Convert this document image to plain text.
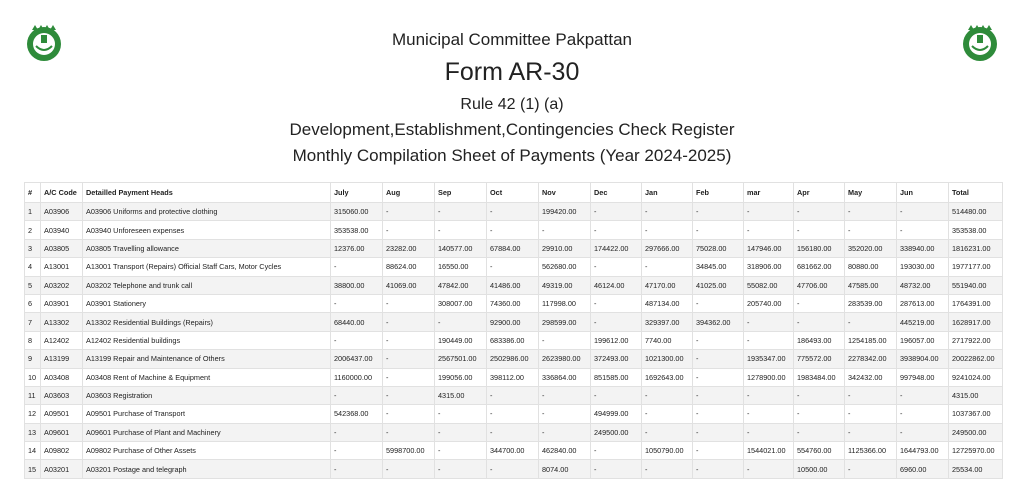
Municipal Committee Pakpattan
Form AR-30
Rule 42 (1) (a)
Development,Establishment,Contingencies Check Register
Monthly Compilation Sheet of Payments (Year 2024-2025)
#	A/C Code	Detailled Payment Heads	July	Aug	Sep	Oct	Nov	Dec	Jan	Feb	mar	Apr	May	Jun	Total
1	A03906	A03906 Uniforms and protective clothing	315060.00	-	-	-	199420.00	-	-	-	-	-	-	-	514480.00
2	A03940	A03940 Unforeseen expenses	353538.00	-	-	-	-	-	-	-	-	-	-	-	353538.00
3	A03805	A03805 Travelling allowance	12376.00	23282.00	140577.00	67884.00	29910.00	174422.00	297666.00	75028.00	147946.00	156180.00	352020.00	338940.00	1816231.00
4	A13001	A13001 Transport (Repairs) Official Staff Cars, Motor Cycles	-	88624.00	16550.00	-	562680.00	-	-	34845.00	318906.00	681662.00	80880.00	193030.00	1977177.00
5	A03202	A03202 Telephone and trunk call	38800.00	41069.00	47842.00	41486.00	49319.00	46124.00	47170.00	41025.00	55082.00	47706.00	47585.00	48732.00	551940.00
6	A03901	A03901 Stationery	-	-	308007.00	74360.00	117998.00	-	487134.00	-	205740.00	-	283539.00	287613.00	1764391.00
7	A13302	A13302 Residential Buildings (Repairs)	68440.00	-	-	92900.00	298599.00	-	329397.00	394362.00	-	-	-	445219.00	1628917.00
8	A12402	A12402 Residential buildings	-	-	190449.00	683386.00	-	199612.00	7740.00	-	-	186493.00	1254185.00	196057.00	2717922.00
9	A13199	A13199 Repair and Maintenance of Others	2006437.00	-	2567501.00	2502986.00	2623980.00	372493.00	1021300.00	-	1935347.00	775572.00	2278342.00	3938904.00	20022862.00
10	A03408	A03408 Rent of Machine & Equipment	1160000.00	-	199056.00	398112.00	336864.00	851585.00	1692643.00	-	1278900.00	1983484.00	342432.00	997948.00	9241024.00
11	A03603	A03603 Registration	-	-	4315.00	-	-	-	-	-	-	-	-	-	4315.00
12	A09501	A09501 Purchase of Transport	542368.00	-	-	-	-	494999.00	-	-	-	-	-	-	1037367.00
13	A09601	A09601 Purchase of Plant and Machinery	-	-	-	-	-	249500.00	-	-	-	-	-	-	249500.00
14	A09802	A09802 Purchase of Other Assets	-	5998700.00	-	344700.00	462840.00	-	1050790.00	-	1544021.00	554760.00	1125366.00	1644793.00	12725970.00
15	A03201	A03201 Postage and telegraph	-	-	-	-	8074.00	-	-	-	-	10500.00	-	6960.00	25534.00
